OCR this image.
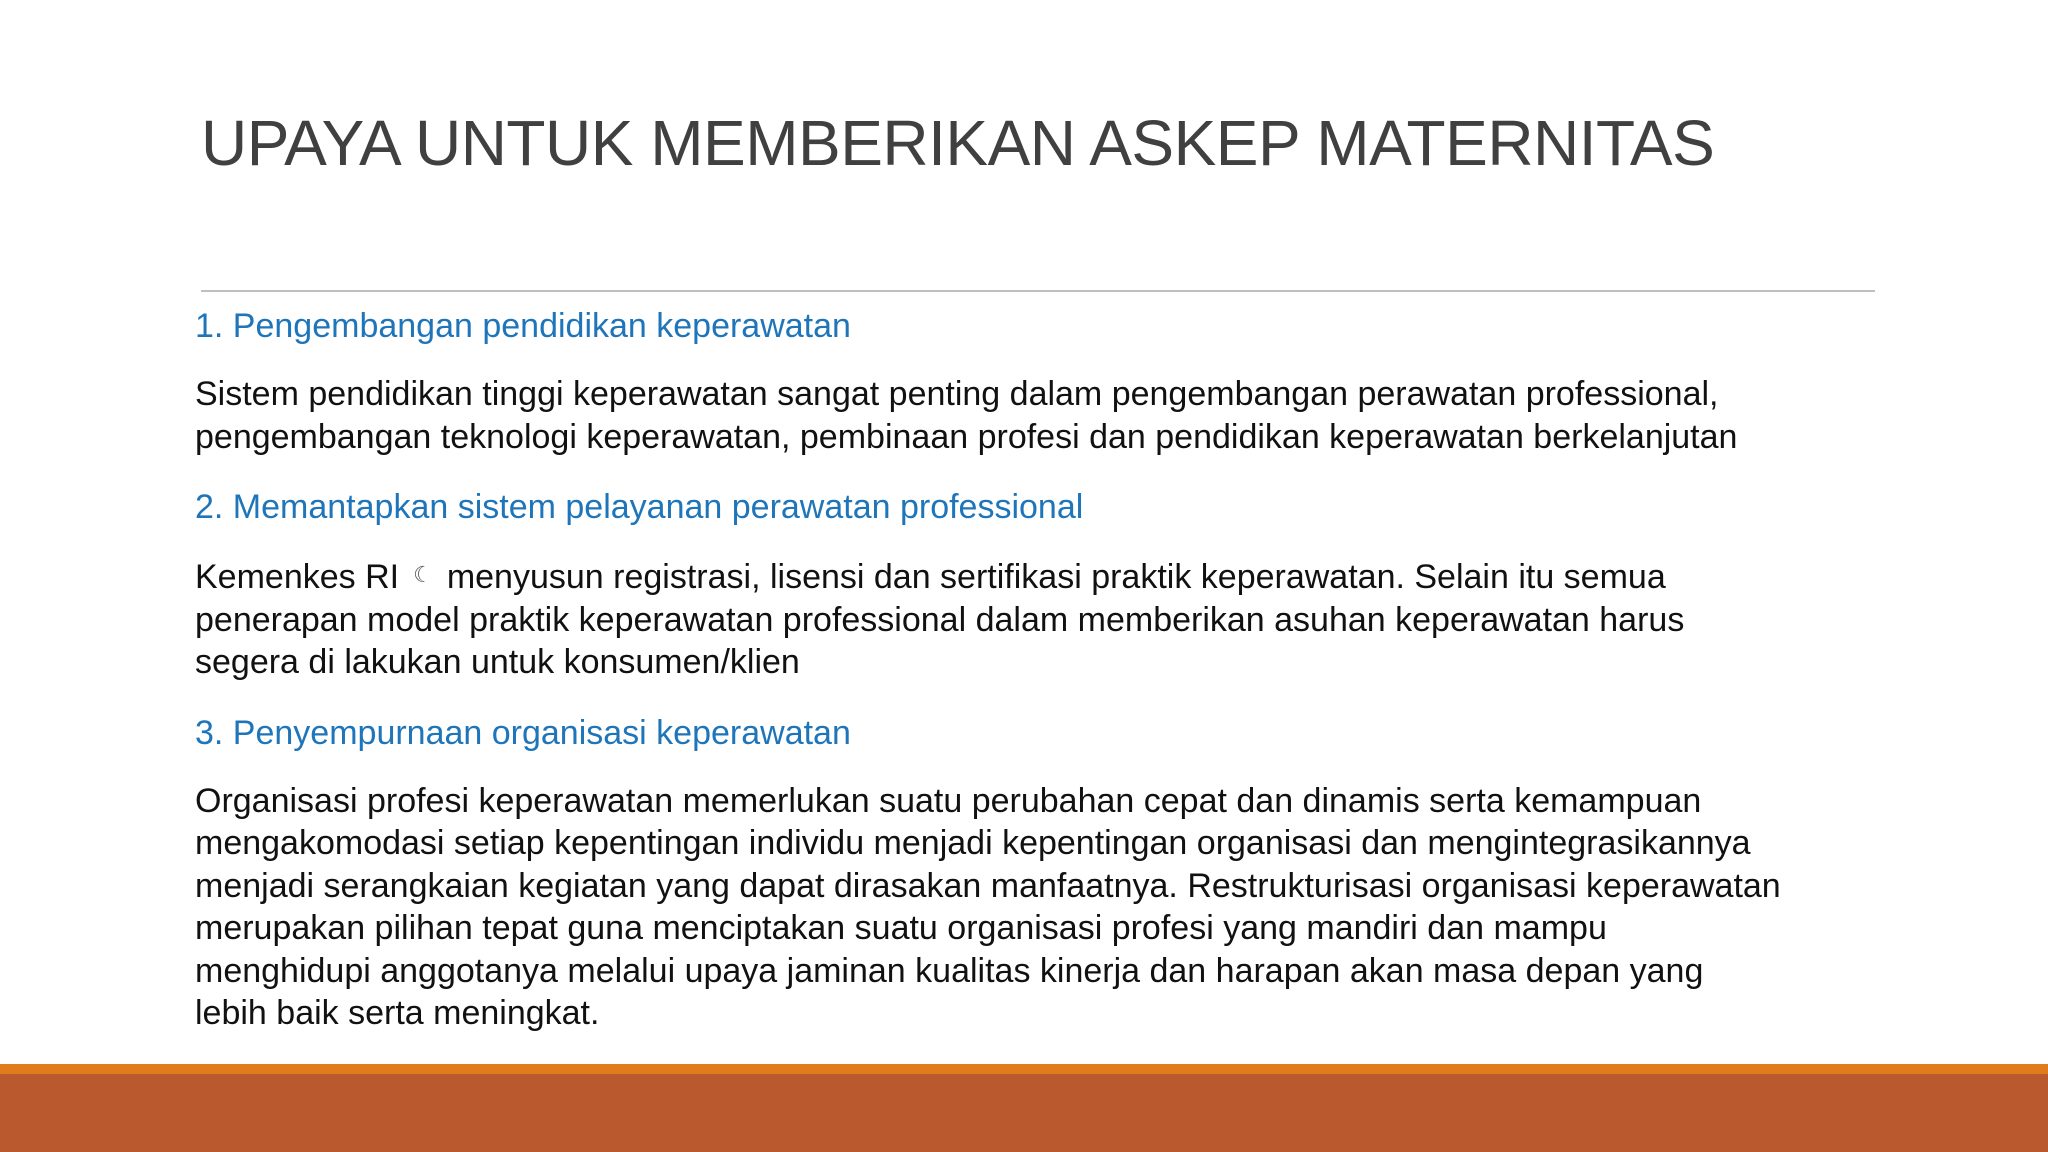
UPAYA UNTUK MEMBERIKAN ASKEP MATERNITAS

1. Pengembangan pendidikan keperawatan

Sistem pendidikan tinggi keperawatan sangat penting dalam pengembangan perawatan professional,
pengembangan teknologi keperawatan, pembinaan profesi dan pendidikan keperawatan berkelanjutan

2. Memantapkan sistem pelayanan perawatan professional

Kemenkes RI ☾ menyusun registrasi, lisensi dan sertifikasi praktik keperawatan. Selain itu semua
penerapan model praktik keperawatan professional dalam memberikan asuhan keperawatan harus
segera di lakukan untuk konsumen/klien

3. Penyempurnaan organisasi keperawatan

Organisasi profesi keperawatan memerlukan suatu perubahan cepat dan dinamis serta kemampuan
mengakomodasi setiap kepentingan individu menjadi kepentingan organisasi dan mengintegrasikannya
menjadi serangkaian kegiatan yang dapat dirasakan manfaatnya. Restrukturisasi organisasi keperawatan
merupakan pilihan tepat guna menciptakan suatu organisasi profesi yang mandiri dan mampu
menghidupi anggotanya melalui upaya jaminan kualitas kinerja dan harapan akan masa depan yang
lebih baik serta meningkat.
